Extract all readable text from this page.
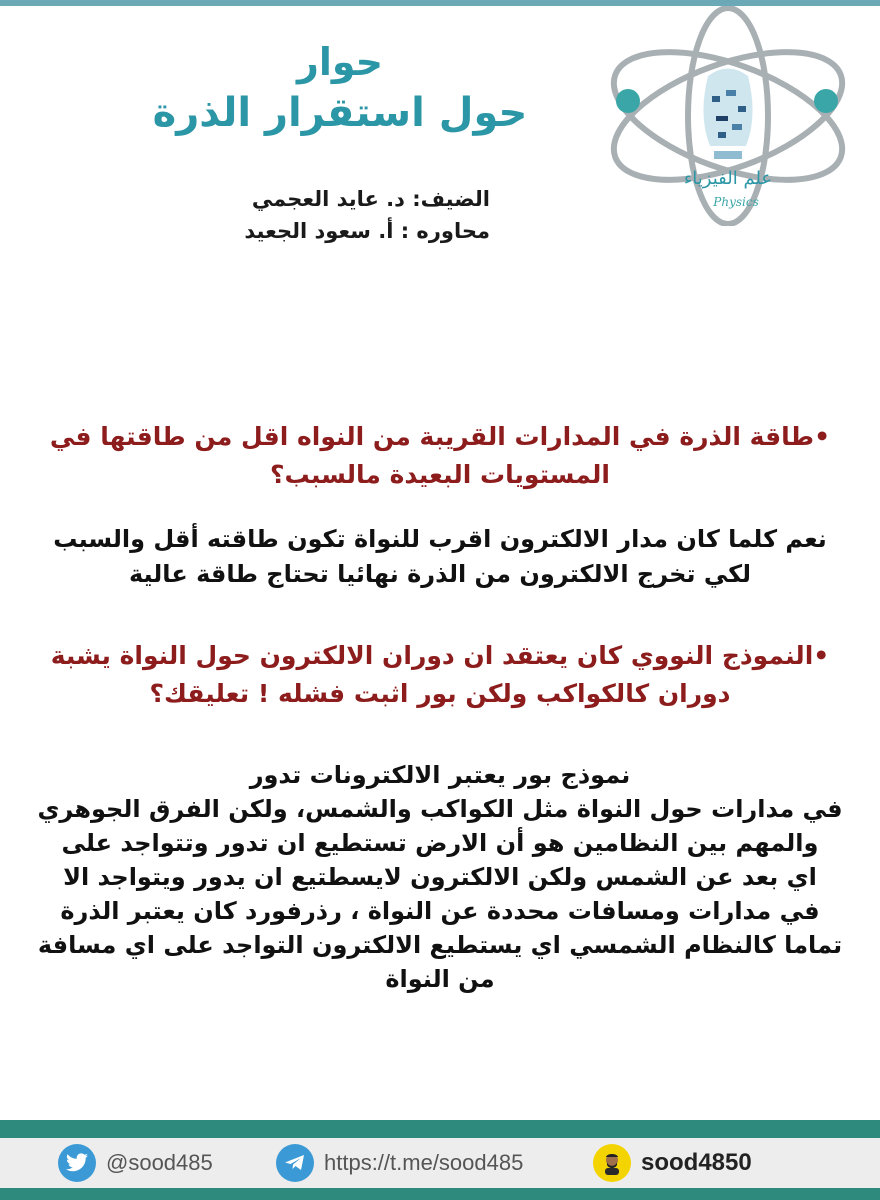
حوار
حول استقرار الذرة
الضيف: د. عايد العجمي
محاوره : أ. سعود الجعيد
علم الفيزياء
Physics
•طاقة الذرة في المدارات القريبة من النواه اقل من طاقتها في
المستويات البعيدة مالسبب؟
نعم كلما كان مدار الالكترون اقرب للنواة تكون طاقته أقل والسبب
لكي تخرج الالكترون من الذرة نهائيا تحتاج طاقة عالية
•النموذج النووي كان يعتقد ان دوران الالكترون حول النواة يشبة
دوران كالكواكب ولكن بور اثبت فشله ! تعليقك؟
نموذج بور يعتبر الالكترونات تدور
في مدارات حول النواة مثل الكواكب والشمس، ولكن الفرق الجوهري
والمهم بين النظامين هو أن الارض تستطيع ان تدور وتتواجد على
اي بعد عن الشمس ولكن الالكترون لايسطتيع ان يدور ويتواجد الا
في مدارات ومسافات محددة عن النواة ، رذرفورد كان يعتبر الذرة
تماما كالنظام الشمسي اي يستطيع الالكترون التواجد على اي مسافة
من النواة
@sood485	https://t.me/sood485	sood4850
